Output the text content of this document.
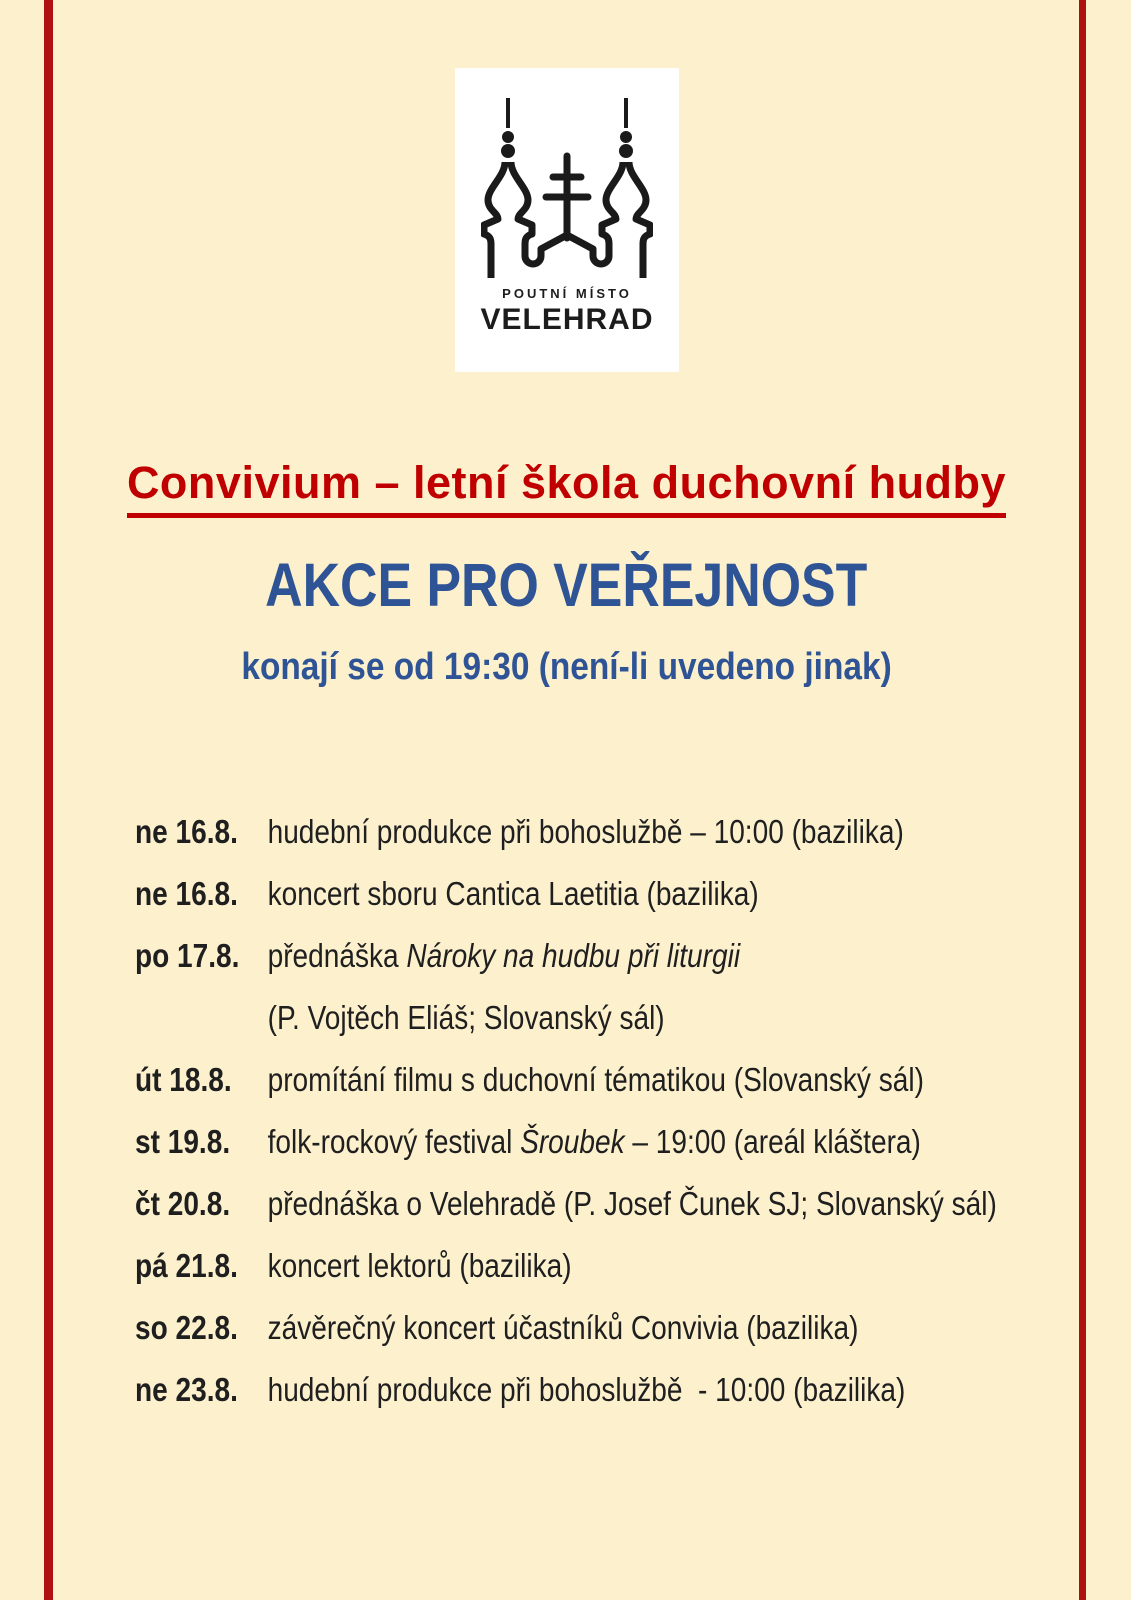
POUTNÍ MÍSTO
VELEHRAD
Convivium – letní škola duchovní hudby
AKCE PRO VEŘEJNOST
konají se od 19:30 (není-li uvedeno jinak)
ne 16.8. hudební produkce při bohoslužbě – 10:00 (bazilika)
ne 16.8. koncert sboru Cantica Laetitia (bazilika)
po 17.8. přednáška Nároky na hudbu při liturgii
(P. Vojtěch Eliáš; Slovanský sál)
út 18.8.	promítání filmu s duchovní tématikou (Slovanský sál)
st 19.8.	folk-rockový festival Šroubek – 19:00 (areál kláštera)
čt 20.8.	přednáška o Velehradě (P. Josef Čunek SJ; Slovanský sál)
pá 21.8. koncert lektorů (bazilika)
so 22.8. závěrečný koncert účastníků Convivia (bazilika)
ne 23.8. hudební produkce při bohoslužbě  - 10:00 (bazilika)
